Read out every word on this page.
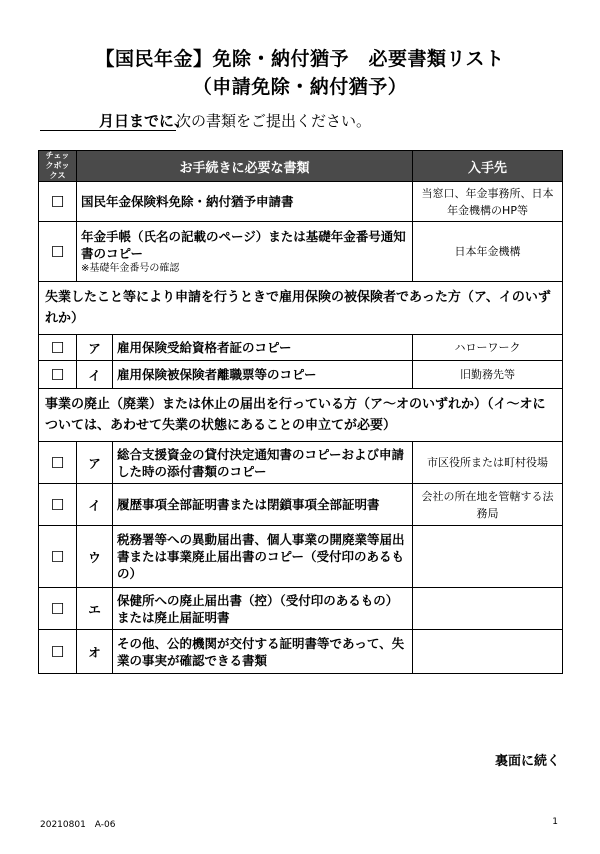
【国民年金】免除・納付猶予　必要書類リスト
（申請免除・納付猶予）
月日までに、次の書類をご提出ください。
チェックボックス	お手続きに必要な書類		入手先
☐	国民年金保険料免除・納付猶予申請書		当窓口、年金事務所、日本年金機構のHP等
☐	年金手帳（氏名の記載のページ）または基礎年金番号通知書のコピー
※基礎年金番号の確認		日本年金機構
失業したこと等により申請を行うときで雇用保険の被保険者であった方（ア、イのいずれか）			
☐	ア	雇用保険受給資格者証のコピー	ハローワーク
☐	イ	雇用保険被保険者離職票等のコピー	旧勤務先等
事業の廃止（廃業）または休止の届出を行っている方（ア～オのいずれか）（イ～オについては、あわせて失業の状態にあることの申立てが必要）			
☐	ア	総合支援資金の貸付決定通知書のコピーおよび申請した時の添付書類のコピー	市区役所または町村役場
☐	イ	履歴事項全部証明書または閉鎖事項全部証明書	会社の所在地を管轄する法務局
☐	ウ	税務署等への異動届出書、個人事業の開廃業等届出書または事業廃止届出書のコピー（受付印のあるもの）	
☐	エ	保健所への廃止届出書（控）（受付印のあるもの）または廃止届証明書	
☐	オ	その他、公的機関が交付する証明書等であって、失業の事実が確認できる書類	
裏面に続く
20210801　A-06	1
